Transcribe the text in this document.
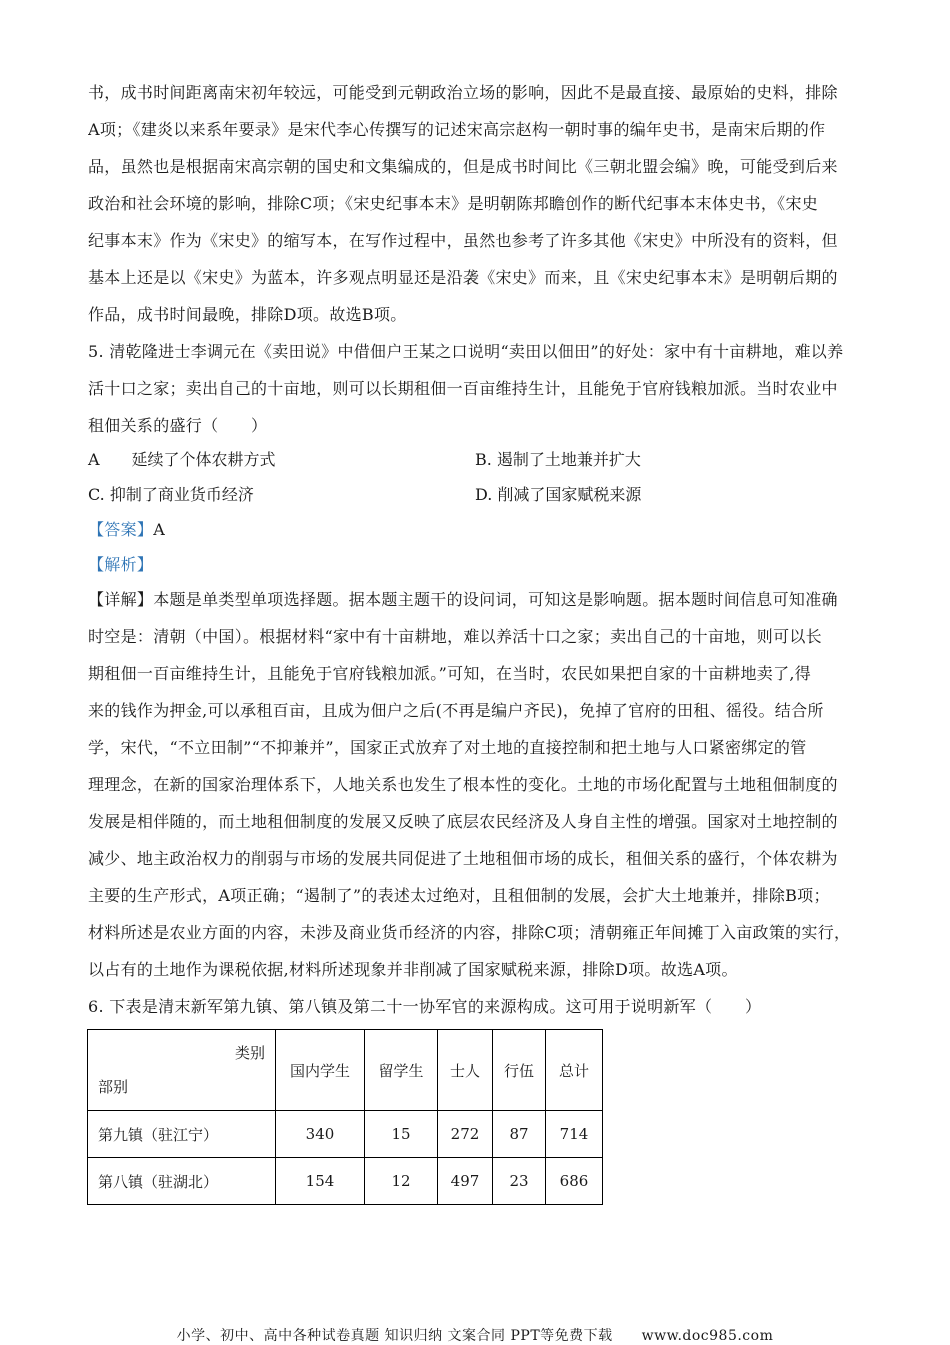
书，成书时间距离南宋初年较远，可能受到元朝政治立场的影响，因此不是最直接、最原始的史料，排除
A项；《建炎以来系年要录》是宋代李心传撰写的记述宋高宗赵构一朝时事的编年史书，是南宋后期的作
品，虽然也是根据南宋高宗朝的国史和文集编成的，但是成书时间比《三朝北盟会编》晚，可能受到后来
政治和社会环境的影响，排除C项；《宋史纪事本末》是明朝陈邦瞻创作的断代纪事本末体史书，《宋史
纪事本末》作为《宋史》的缩写本，在写作过程中，虽然也参考了许多其他《宋史》中所没有的资料，但
基本上还是以《宋史》为蓝本，许多观点明显还是沿袭《宋史》而来，且《宋史纪事本末》是明朝后期的
作品，成书时间最晚，排除D项。故选B项。
5. 清乾隆进士李调元在《卖田说》中借佃户王某之口说明“卖田以佃田”的好处：家中有十亩耕地，难以养
活十口之家；卖出自己的十亩地，则可以长期租佃一百亩维持生计，且能免于官府钱粮加派。当时农业中
租佃关系的盛行（　　）
A　　延续了个体农耕方式	B. 遏制了土地兼并扩大
C. 抑制了商业货币经济	D. 削减了国家赋税来源
【答案】A
【解析】
【详解】本题是单类型单项选择题。据本题主题干的设问词，可知这是影响题。据本题时间信息可知准确
时空是：清朝（中国）。根据材料“家中有十亩耕地，难以养活十口之家；卖出自己的十亩地，则可以长
期租佃一百亩维持生计，且能免于官府钱粮加派。”可知，在当时，农民如果把自家的十亩耕地卖了,得
来的钱作为押金,可以承租百亩，且成为佃户之后(不再是编户齐民)，免掉了官府的田租、徭役。结合所
学，宋代，“不立田制”“不抑兼并”，国家正式放弃了对土地的直接控制和把土地与人口紧密绑定的管
理理念，在新的国家治理体系下，人地关系也发生了根本性的变化。土地的市场化配置与土地租佃制度的
发展是相伴随的，而土地租佃制度的发展又反映了底层农民经济及人身自主性的增强。国家对土地控制的
减少、地主政治权力的削弱与市场的发展共同促进了土地租佃市场的成长，租佃关系的盛行，个体农耕为
主要的生产形式，A项正确；“遏制了”的表述太过绝对，且租佃制的发展，会扩大土地兼并，排除B项；
材料所述是农业方面的内容，未涉及商业货币经济的内容，排除C项；清朝雍正年间摊丁入亩政策的实行，
以占有的土地作为课税依据,材料所述现象并非削减了国家赋税来源，排除D项。故选A项。
6. 下表是清末新军第九镇、第八镇及第二十一协军官的来源构成。这可用于说明新军（　　）
类别
部别	国内学生	留学生	士人	行伍	总计
第九镇（驻江宁）	340	15	272	87	714
第八镇（驻湖北）	154	12	497	23	686
小学、初中、高中各种试卷真题 知识归纳 文案合同 PPT等免费下载　　www.doc985.com
